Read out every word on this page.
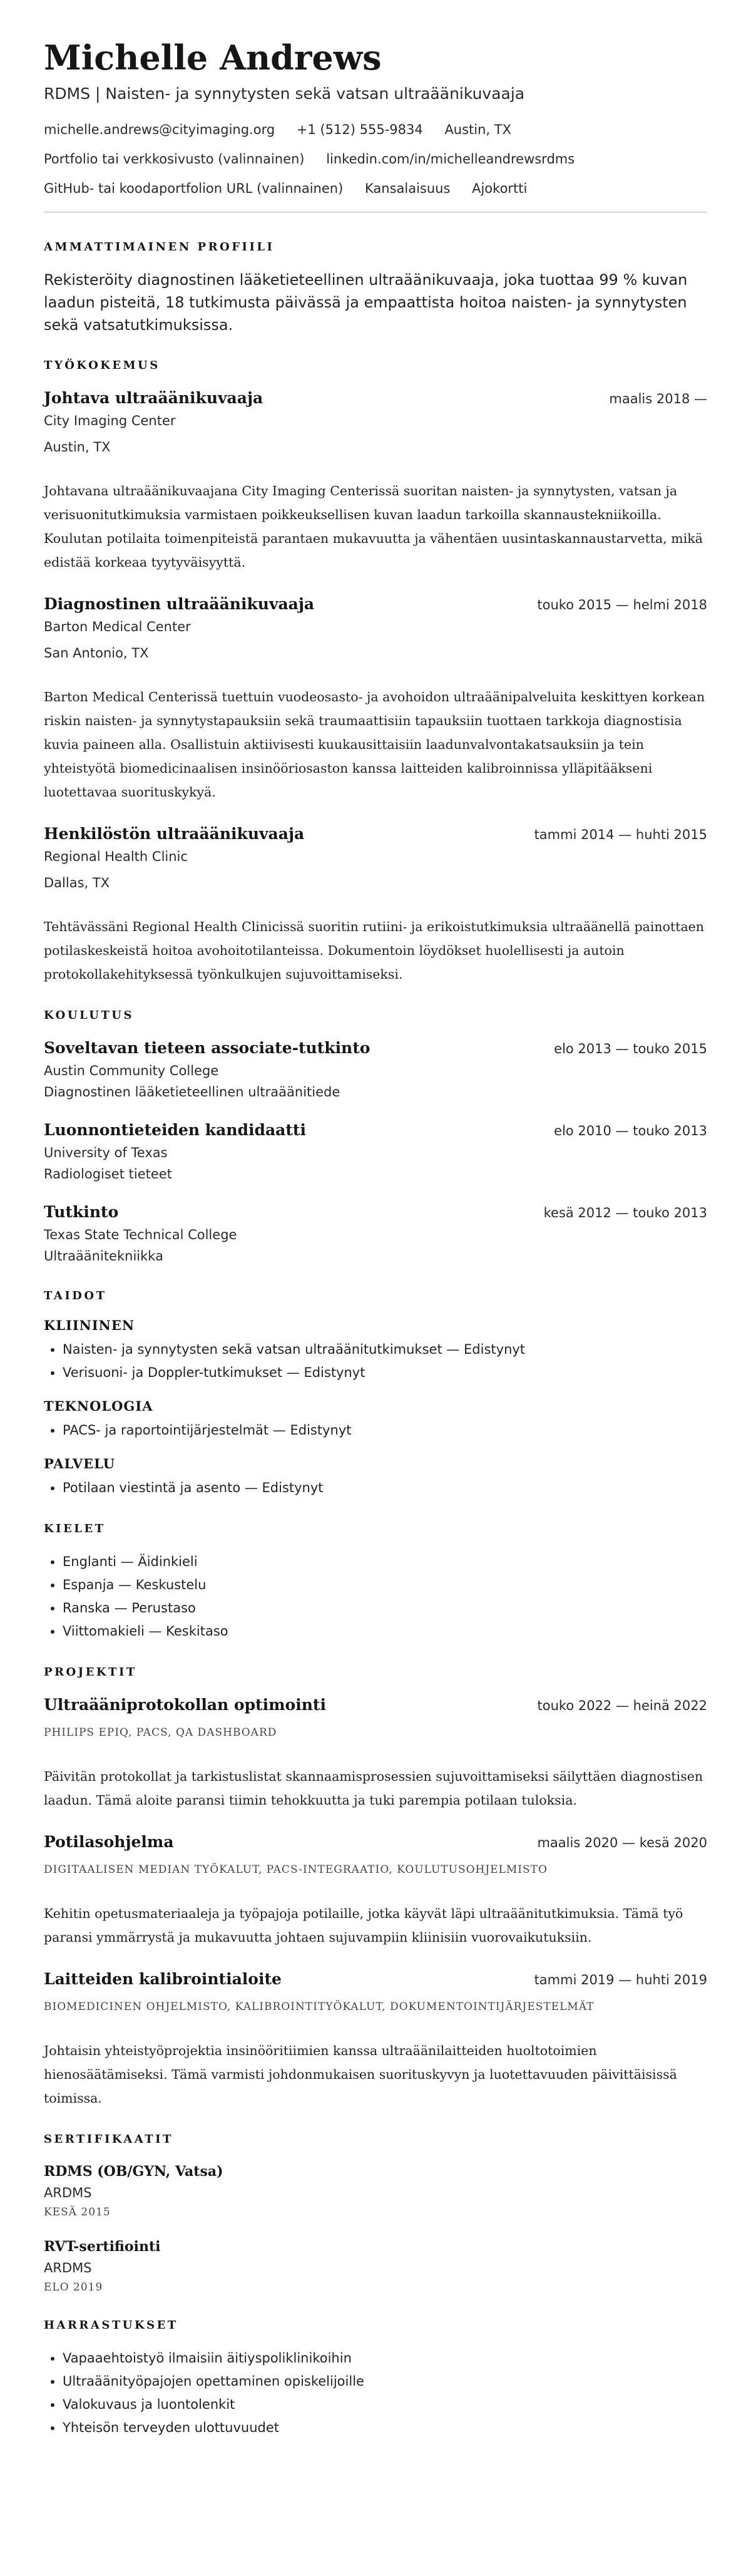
Michelle Andrews
RDMS | Naisten- ja synnytysten sekä vatsan ultraäänikuvaaja
michelle.andrews@cityimaging.org +1 (512) 555-9834 Austin, TX
Portfolio tai verkkosivusto (valinnainen) linkedin.com/in/michelleandrewsrdms
GitHub- tai koodaportfolion URL (valinnainen) Kansalaisuus Ajokortti
AMMATTIMAINEN PROFIILI

Rekisteröity diagnostinen lääketieteellinen ultraäänikuvaaja, joka tuottaa 99 % kuvan laadun pisteitä, 18 tutkimusta päivässä ja empaattista hoitoa naisten- ja synnytysten sekä vatsatutkimuksissa.

TYÖKOKEMUS
Johtava ultraäänikuvaaja	maalis 2018 —
City Imaging Center
Austin, TX

Johtavana ultraäänikuvaajana City Imaging Centerissä suoritan naisten- ja synnytysten, vatsan ja verisuonitutkimuksia varmistaen poikkeuksellisen kuvan laadun tarkoilla skannaustekniikoilla. Koulutan potilaita toimenpiteistä parantaen mukavuutta ja vähentäen uusintaskannaustarvetta, mikä edistää korkeaa tyytyväisyyttä.

Diagnostinen ultraäänikuvaaja	touko 2015 — helmi 2018
Barton Medical Center
San Antonio, TX

Barton Medical Centerissä tuettuin vuodeosasto- ja avohoidon ultraäänipalveluita keskittyen korkean riskin naisten- ja synnytystapauksiin sekä traumaattisiin tapauksiin tuottaen tarkkoja diagnostisia kuvia paineen alla. Osallistuin aktiivisesti kuukausittaisiin laadunvalvontakatsauksiin ja tein yhteistyötä biomedicinaalisen insinööriosaston kanssa laitteiden kalibroinnissa ylläpitääkseni luotettavaa suorituskykyä.

Henkilöstön ultraäänikuvaaja	tammi 2014 — huhti 2015
Regional Health Clinic
Dallas, TX

Tehtävässäni Regional Health Clinicissä suoritin rutiini- ja erikoistutkimuksia ultraäänellä painottaen potilaskeskeistä hoitoa avohoitotilanteissa. Dokumentoin löydökset huolellisesti ja autoin protokollakehityksessä työnkulkujen sujuvoittamiseksi.

KOULUTUS
Soveltavan tieteen associate-tutkinto	elo 2013 — touko 2015
Austin Community College
Diagnostinen lääketieteellinen ultraäänitiede
Luonnontieteiden kandidaatti	elo 2010 — touko 2013
University of Texas
Radiologiset tieteet
Tutkinto	kesä 2012 — touko 2013
Texas State Technical College
Ultraäänitekniikka
TAIDOT
KLIININEN
• Naisten- ja synnytysten sekä vatsan ultraäänitutkimukset — Edistynyt
• Verisuoni- ja Doppler-tutkimukset — Edistynyt
TEKNOLOGIA
• PACS- ja raportointijärjestelmät — Edistynyt
PALVELU
• Potilaan viestintä ja asento — Edistynyt
KIELET
• Englanti — Äidinkieli
• Espanja — Keskustelu
• Ranska — Perustaso
• Viittomakieli — Keskitaso
PROJEKTIT
Ultraääniprotokollan optimointi	touko 2022 — heinä 2022
PHILIPS EPIQ, PACS, QA DASHBOARD

Päivitän protokollat ja tarkistuslistat skannaamisprosessien sujuvoittamiseksi säilyttäen diagnostisen laadun. Tämä aloite paransi tiimin tehokkuutta ja tuki parempia potilaan tuloksia.

Potilasohjelma	maalis 2020 — kesä 2020
DIGITAALISEN MEDIAN TYÖKALUT, PACS-INTEGRAATIO, KOULUTUSOHJELMISTO

Kehitin opetusmateriaaleja ja työpajoja potilaille, jotka käyvät läpi ultraäänitutkimuksia. Tämä työ paransi ymmärrystä ja mukavuutta johtaen sujuvampiin kliinisiin vuorovaikutuksiin.

Laitteiden kalibrointialoite	tammi 2019 — huhti 2019
BIOMEDICINEN OHJELMISTO, KALIBROINTITYÖKALUT, DOKUMENTOINTIJÄRJESTELMÄT

Johtaisin yhteistyöprojektia insinööritiimien kanssa ultraäänilaitteiden huoltotoimien hienosäätämiseksi. Tämä varmisti johdonmukaisen suorituskyvyn ja luotettavuuden päivittäisissä toimissa.

SERTIFIKAATIT
RDMS (OB/GYN, Vatsa)
ARDMS
KESÄ 2015
RVT-sertifiointi
ARDMS
ELO 2019
HARRASTUKSET
• Vapaaehtoistyö ilmaisiin äitiyspoliklinikoihin
• Ultraäänityöpajojen opettaminen opiskelijoille
• Valokuvaus ja luontolenkit
• Yhteisön terveyden ulottuvuudet
